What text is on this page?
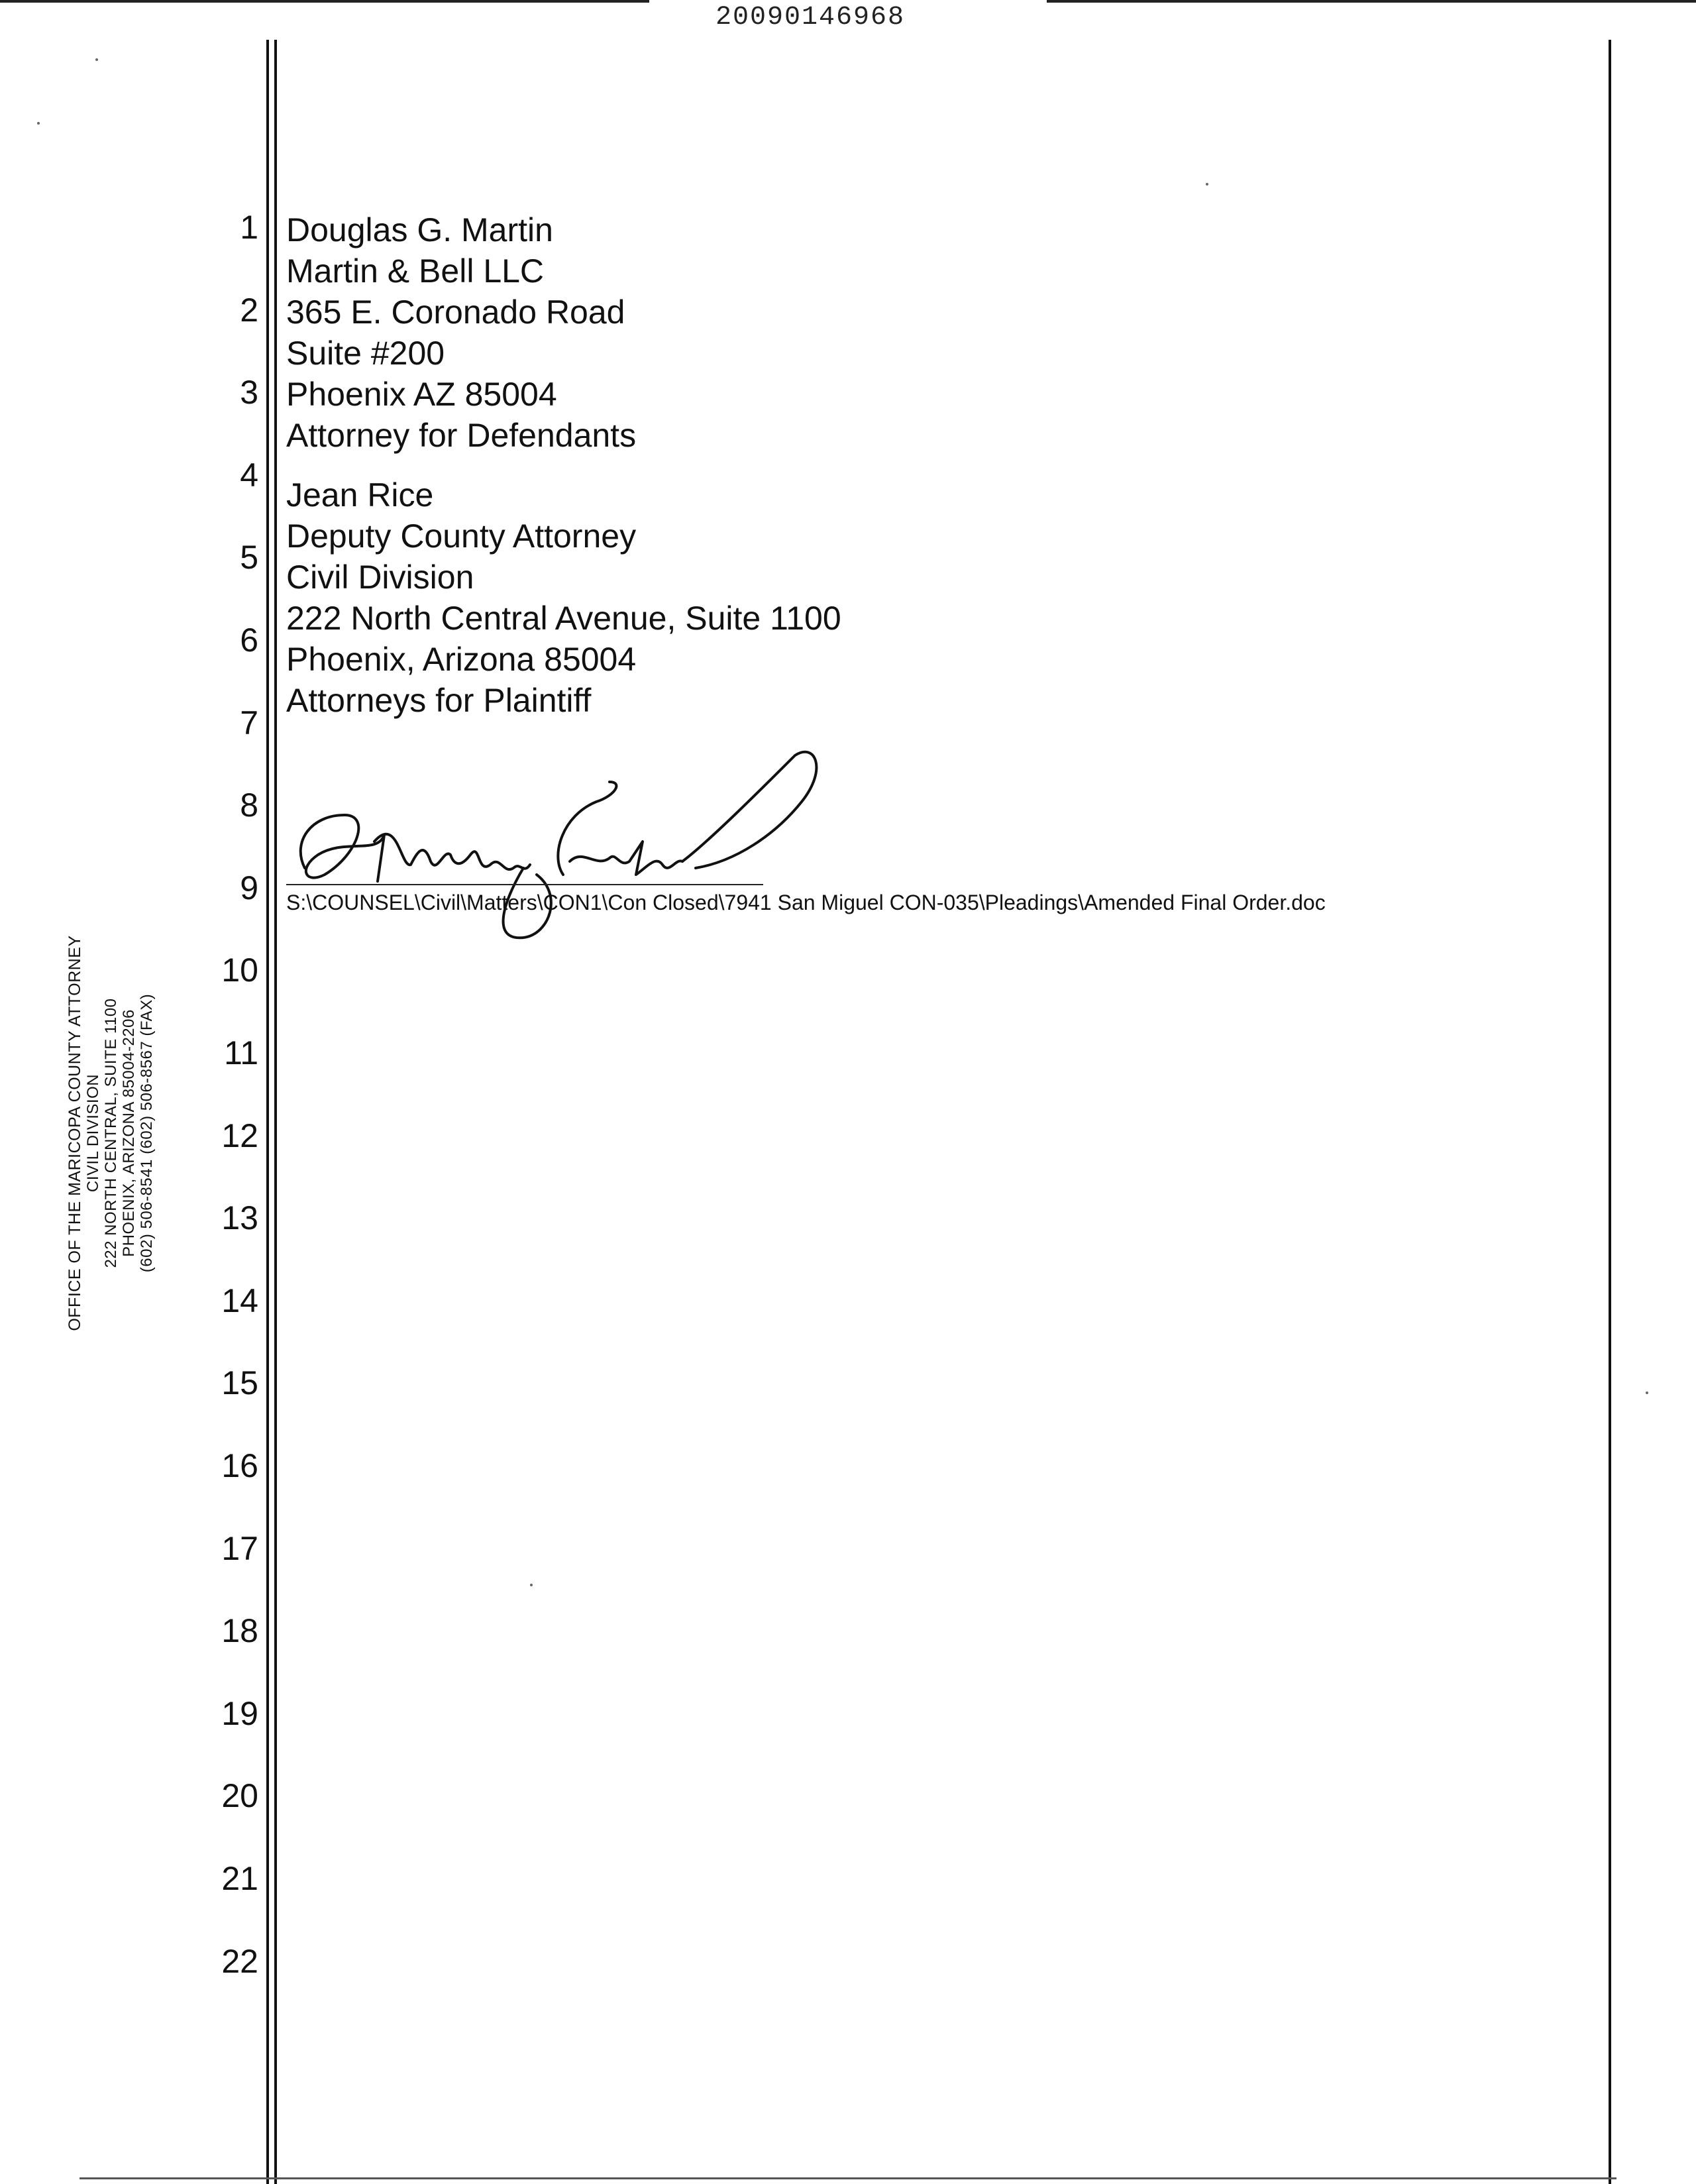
20090146968
1
2
3
4
5
6
7
8
9
10
11
12
13
14
15
16
17
18
19
20
21
22
OFFICE OF THE MARICOPA COUNTY ATTORNEY CIVIL DIVISION 222 NORTH CENTRAL, SUITE 1100 PHOENIX, ARIZONA 85004-2206 (602) 506-8541 (602) 506-8567 (FAX)
Douglas G. Martin
Martin & Bell LLC
365 E. Coronado Road
Suite #200
Phoenix AZ 85004
Attorney for Defendants
Jean Rice
Deputy County Attorney
Civil Division
222 North Central Avenue, Suite 1100
Phoenix, Arizona 85004
Attorneys for Plaintiff
S:\COUNSEL\Civil\Matters\CON1\Con Closed\7941 San Miguel CON-035\Pleadings\Amended Final Order.doc
